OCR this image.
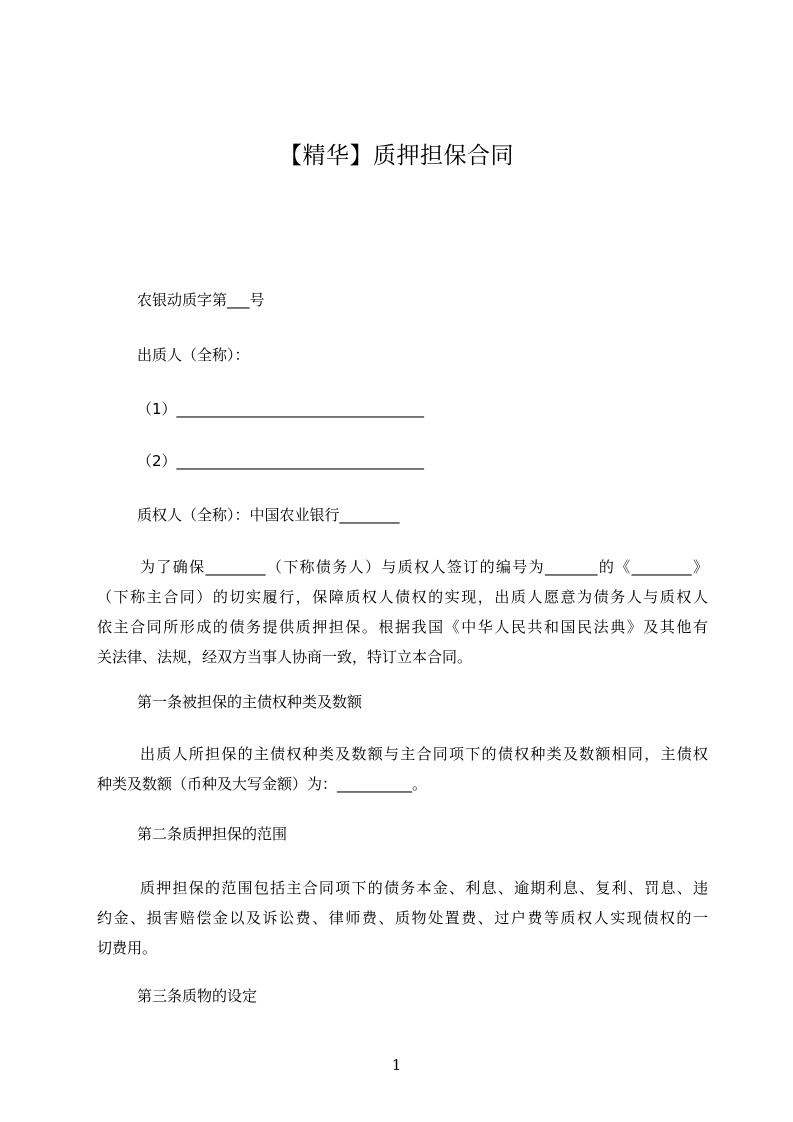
【精华】质押担保合同
农银动质字第___号
出质人（全称）：
（1）_________________________________
（2）_________________________________
质权人（全称）：中国农业银行________
为了确保________（下称债务人）与质权人签订的编号为_______的《________》
（下称主合同）的切实履行，保障质权人债权的实现，出质人愿意为债务人与质权人
依主合同所形成的债务提供质押担保。根据我国《中华人民共和国民法典》及其他有
关法律、法规，经双方当事人协商一致，特订立本合同。
第一条被担保的主债权种类及数额
出质人所担保的主债权种类及数额与主合同项下的债权种类及数额相同，主债权
种类及数额（币种及大写金额）为：__________。
第二条质押担保的范围
质押担保的范围包括主合同项下的债务本金、利息、逾期利息、复利、罚息、违
约金、损害赔偿金以及诉讼费、律师费、质物处置费、过户费等质权人实现债权的一
切费用。
第三条质物的设定
1
